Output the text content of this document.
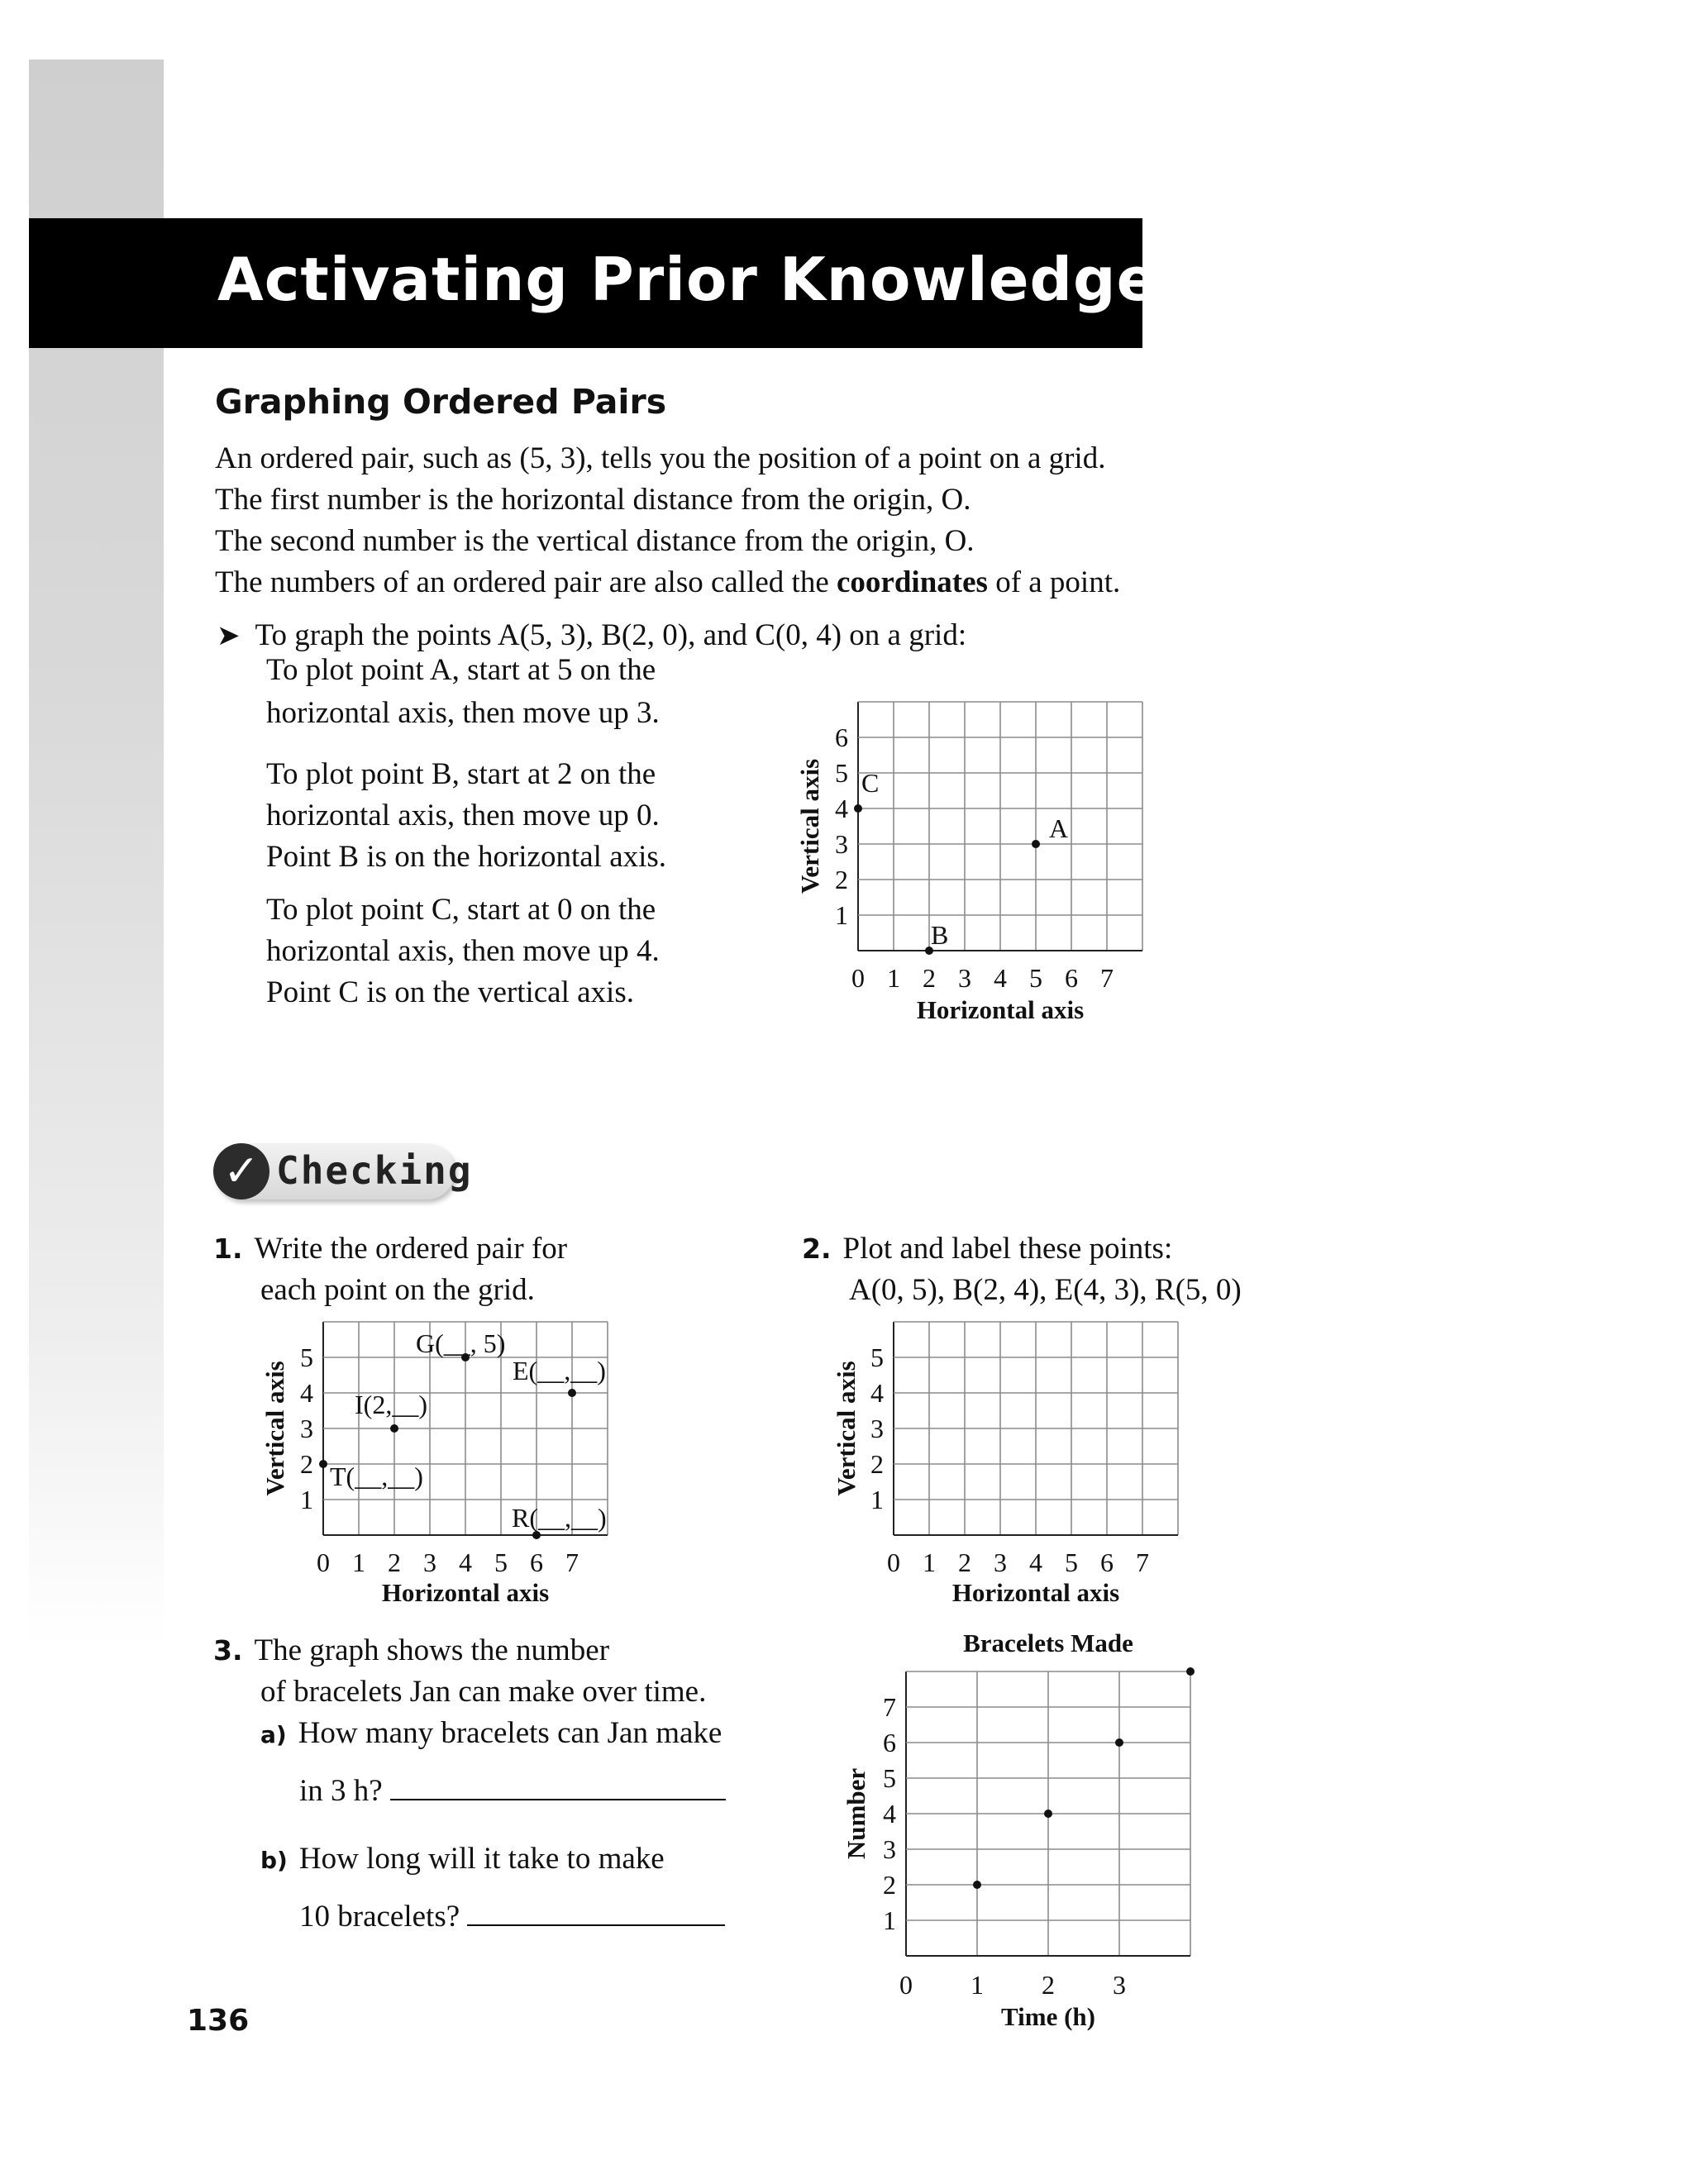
Activating Prior Knowledge
Graphing Ordered Pairs
An ordered pair, such as (5, 3), tells you the position of a point on a grid.
The first number is the horizontal distance from the origin, O.
The second number is the vertical distance from the origin, O.
The numbers of an ordered pair are also called the coordinates of a point.
➤ To graph the points A(5, 3), B(2, 0), and C(0, 4) on a grid:
To plot point A, start at 5 on the
horizontal axis, then move up 3.
To plot point B, start at 2 on the
horizontal axis, then move up 0.
Point B is on the horizontal axis.
To plot point C, start at 0 on the
horizontal axis, then move up 4.
Point C is on the vertical axis.	0 1 2 3 4 5 6 7
1
2
3
4
5
6
Horizontal axis
Vertical axis	A
B
C
✓ Checking
1. Write the ordered pair for
each point on the grid.
2. Plot and label these points:
A(0, 5), B(2, 4), E(4, 3), R(5, 0)
0 1 2 3 4 5 6 7
1
2
3
4
5
Horizontal axis
Vertical axis
G(__, 5)
E(__,__)
I(2,__)
T(__,__)
R(__,__)
0 1 2 3 4 5 6 7
1
2
3
4
5
Horizontal axis
Vertical axis
3. The graph shows the number
of bracelets Jan can make over time.
a) How many bracelets can Jan make
in 3 h?
b) How long will it take to make
10 bracelets?
0 1 2 3
1
2
3
4
5
6
7
Time (h)
Number
Bracelets Made
136
